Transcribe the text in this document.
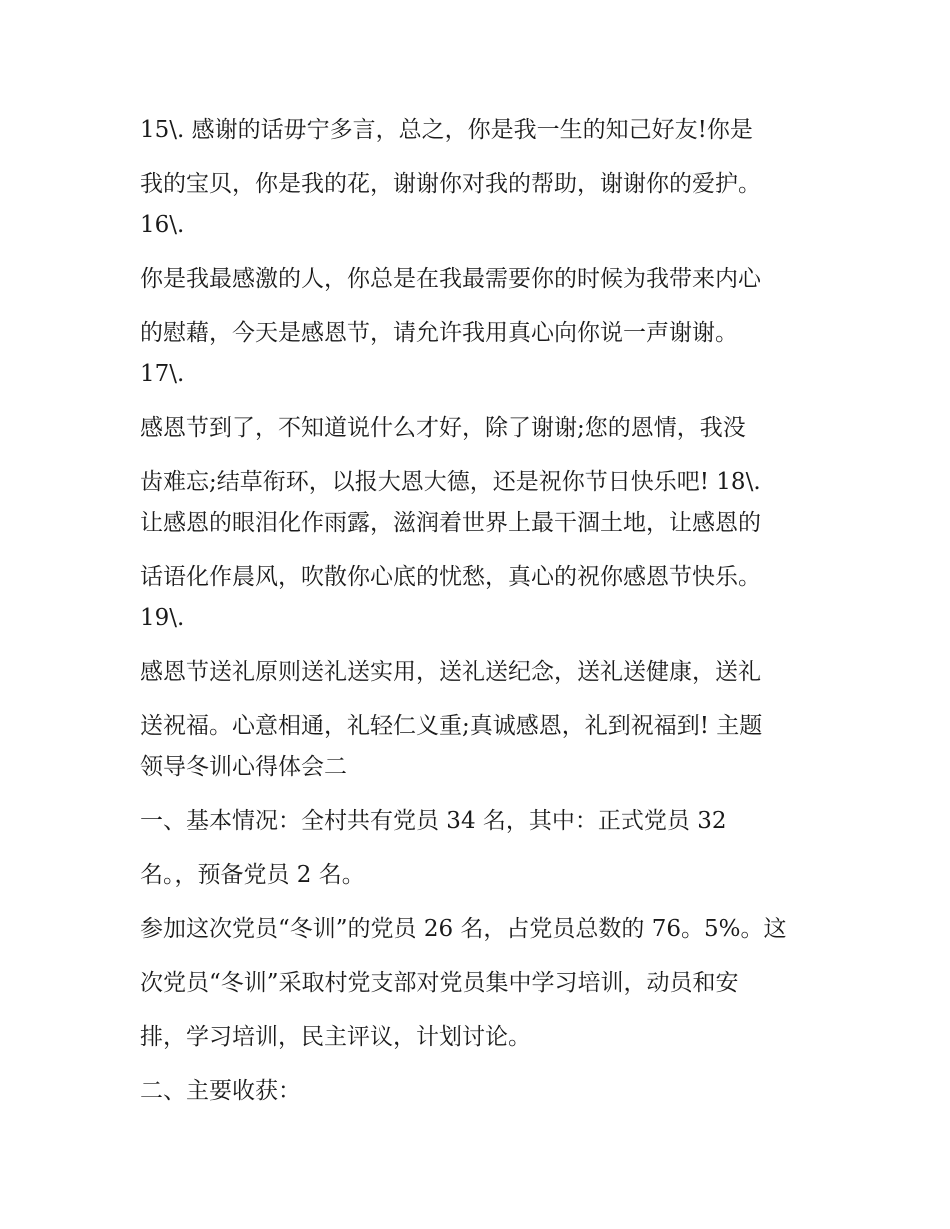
15\. 感谢的话毋宁多言，总之，你是我一生的知己好友!你是
我的宝贝，你是我的花，谢谢你对我的帮助，谢谢你的爱护。
16\.
你是我最感激的人，你总是在我最需要你的时候为我带来内心
的慰藉，今天是感恩节，请允许我用真心向你说一声谢谢。
17\.
感恩节到了，不知道说什么才好，除了谢谢;您的恩情，我没
齿难忘;结草衔环，以报大恩大德，还是祝你节日快乐吧! 18\.
让感恩的眼泪化作雨露，滋润着世界上最干涸土地，让感恩的
话语化作晨风，吹散你心底的忧愁，真心的祝你感恩节快乐。
19\.
感恩节送礼原则送礼送实用，送礼送纪念，送礼送健康，送礼
送祝福。心意相通，礼轻仁义重;真诚感恩，礼到祝福到! 主题
领导冬训心得体会二
一、基本情况：全村共有党员 34 名，其中：正式党员 32
名。，预备党员 2 名。
参加这次党员“冬训”的党员 26 名，占党员总数的 76。5%。这
次党员“冬训”采取村党支部对党员集中学习培训，动员和安
排，学习培训，民主评议，计划讨论。
二、主要收获：
